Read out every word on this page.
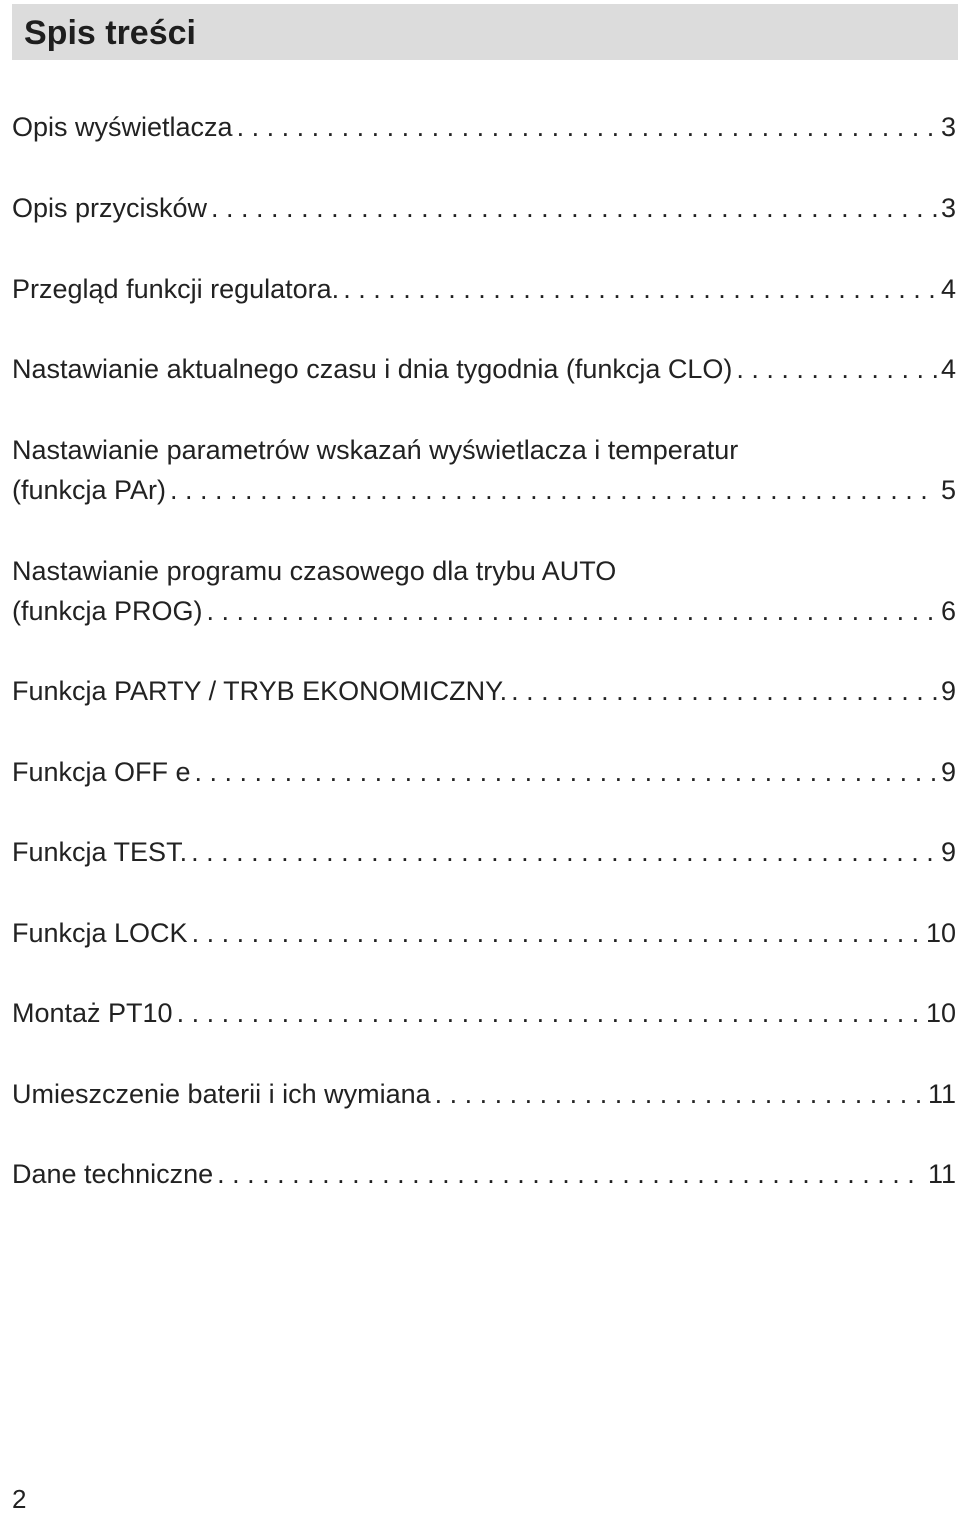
Spis treści
Opis wyświetlacza . . .	3
Opis przycisków . . .	3
Przegląd funkcji regulatora. . . .	4
Nastawianie aktualnego czasu i dnia tygodnia (funkcja CLO) . . .	4
Nastawianie parametrów wskazań wyświetlacza i temperatur
(funkcja PAr) . . .	5
Nastawianie programu czasowego dla trybu AUTO
(funkcja PROG) . . .	6
Funkcja PARTY / TRYB EKONOMICZNY. . . .	9
Funkcja OFF e . . .	9
Funkcja TEST. . . .	9
Funkcja LOCK . . .	10
Montaż PT10 . . .	10
Umieszczenie baterii i ich wymiana . . .	11
Dane techniczne . . .	11
2
